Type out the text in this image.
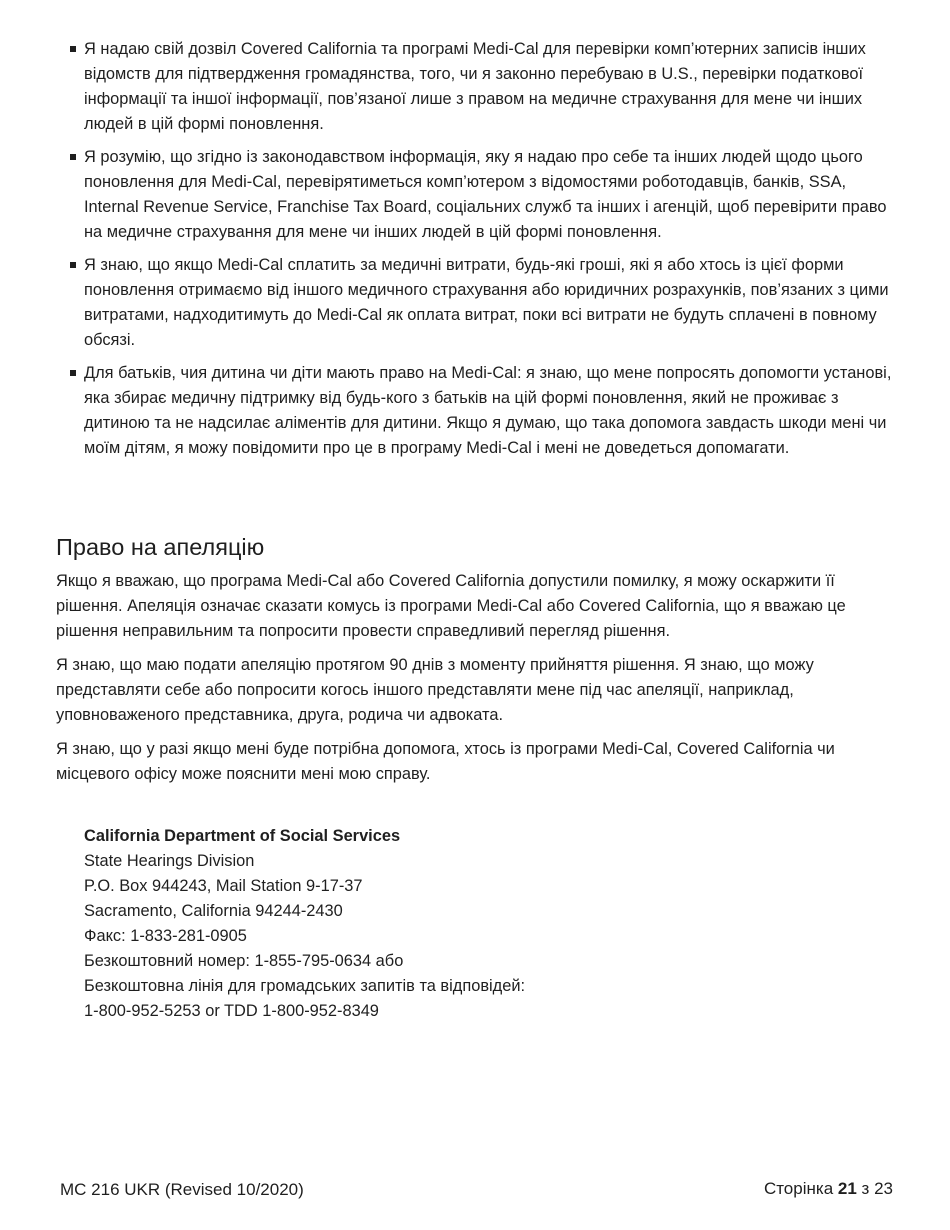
Я надаю свій дозвіл Covered California та програмі Medi-Cal для перевірки комп’ютерних записів інших відомств для підтвердження громадянства, того, чи я законно перебуваю в U.S., перевірки податкової інформації та іншої інформації, пов’язаної лише з правом на медичне страхування для мене чи інших людей в цій формі поновлення.
Я розумію, що згідно із законодавством інформація, яку я надаю про себе та інших людей щодо цього поновлення для Medi-Cal, перевірятиметься комп’ютером з відомостями роботодавців, банків, SSA, Internal Revenue Service, Franchise Tax Board, соціальних служб та інших і агенцій, щоб перевірити право на медичне страхування для мене чи інших людей в цій формі поновлення.
Я знаю, що якщо Medi-Cal сплатить за медичні витрати, будь-які гроші, які я або хтось із цієї форми поновлення отримаємо від іншого медичного страхування або юридичних розрахунків, пов’язаних з цими витратами, надходитимуть до Medi-Cal як оплата витрат, поки всі витрати не будуть сплачені в повному обсязі.
Для батьків, чия дитина чи діти мають право на Medi-Cal: я знаю, що мене попросять допомогти установі, яка збирає медичну підтримку від будь-кого з батьків на цій формі поновлення, який не проживає з дитиною та не надсилає аліментів для дитини. Якщо я думаю, що така допомога завдасть шкоди мені чи моїм дітям, я можу повідомити про це в програму Medi-Cal і мені не доведеться допомагати.
Право на апеляцію

Якщо я вважаю, що програма Medi-Cal або Covered California допустили помилку, я можу оскаржити її рішення. Апеляція означає сказати комусь із програми Medi-Cal або Covered California, що я вважаю це рішення неправильним та попросити провести справедливий перегляд рішення.

Я знаю, що маю подати апеляцію протягом 90 днів з моменту прийняття рішення. Я знаю, що можу представляти себе або попросити когось іншого представляти мене під час апеляції, наприклад, уповноваженого представника, друга, родича чи адвоката.

Я знаю, що у разі якщо мені буде потрібна допомога, хтось із програми Medi-Cal, Covered California чи місцевого офісу може пояснити мені мою справу.

California Department of Social Services
State Hearings Division
P.O. Box 944243, Mail Station 9-17-37
Sacramento, California 94244-2430
Факс: 1-833-281-0905
Безкоштовний номер: 1-855-795-0634 або
Безкоштовна лінія для громадських запитів та відповідей:
1-800-952-5253 or TDD 1-800-952-8349
MC 216 UKR (Revised 10/2020)	Сторінка 21 з 23
